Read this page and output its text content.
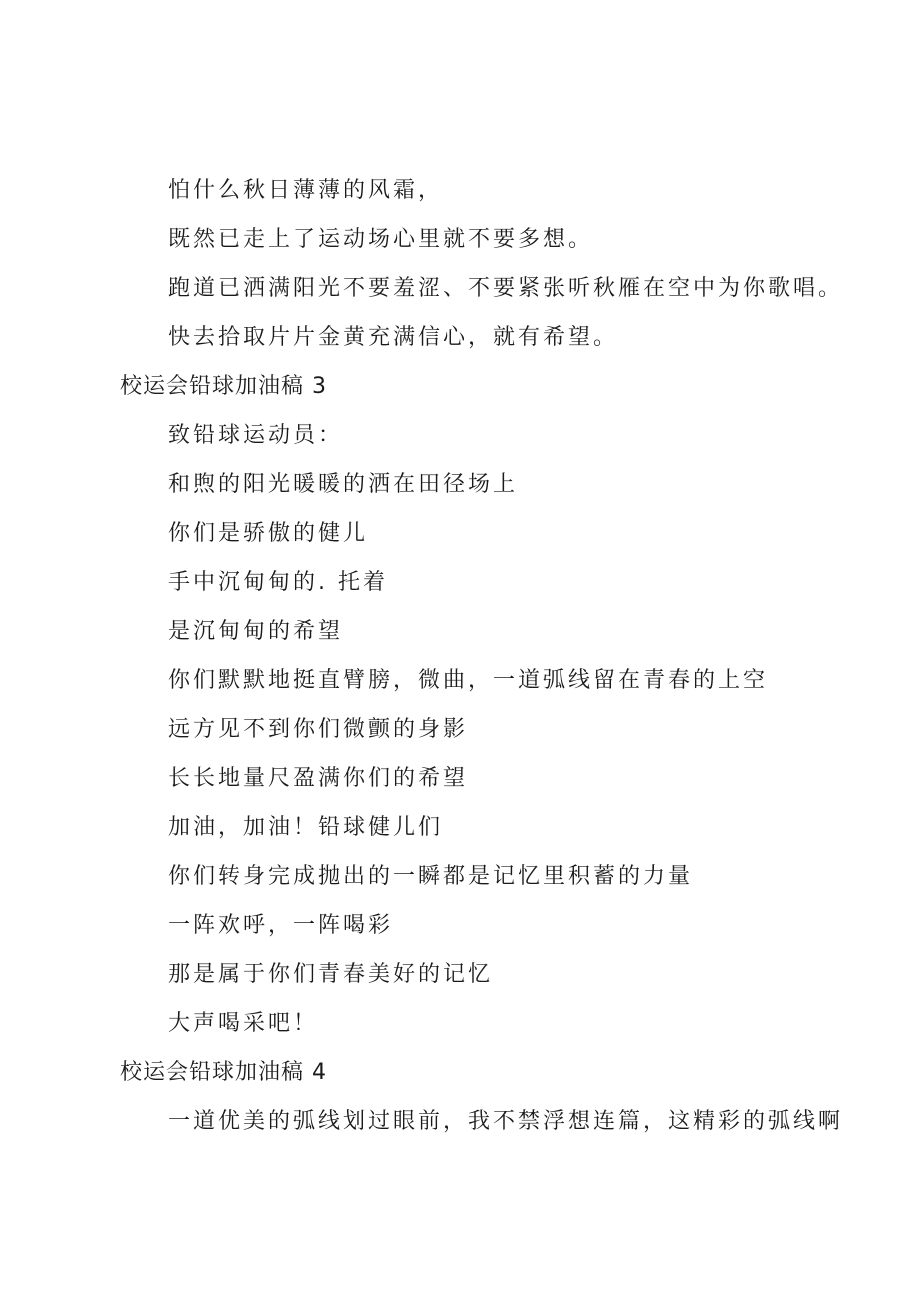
怕什么秋日薄薄的风霜，
既然已走上了运动场心里就不要多想。
跑道已洒满阳光不要羞涩、不要紧张听秋雁在空中为你歌唱。
快去拾取片片金黄充满信心，就有希望。
校运会铅球加油稿 3
致铅球运动员：
和煦的阳光暖暖的洒在田径场上
你们是骄傲的健儿
手中沉甸甸的. 托着
是沉甸甸的希望
你们默默地挺直臂膀，微曲，一道弧线留在青春的上空
远方见不到你们微颤的身影
长长地量尺盈满你们的希望
加油，加油！铅球健儿们
你们转身完成抛出的一瞬都是记忆里积蓄的力量
一阵欢呼，一阵喝彩
那是属于你们青春美好的记忆
大声喝采吧！
校运会铅球加油稿 4
一道优美的弧线划过眼前，我不禁浮想连篇，这精彩的弧线啊
